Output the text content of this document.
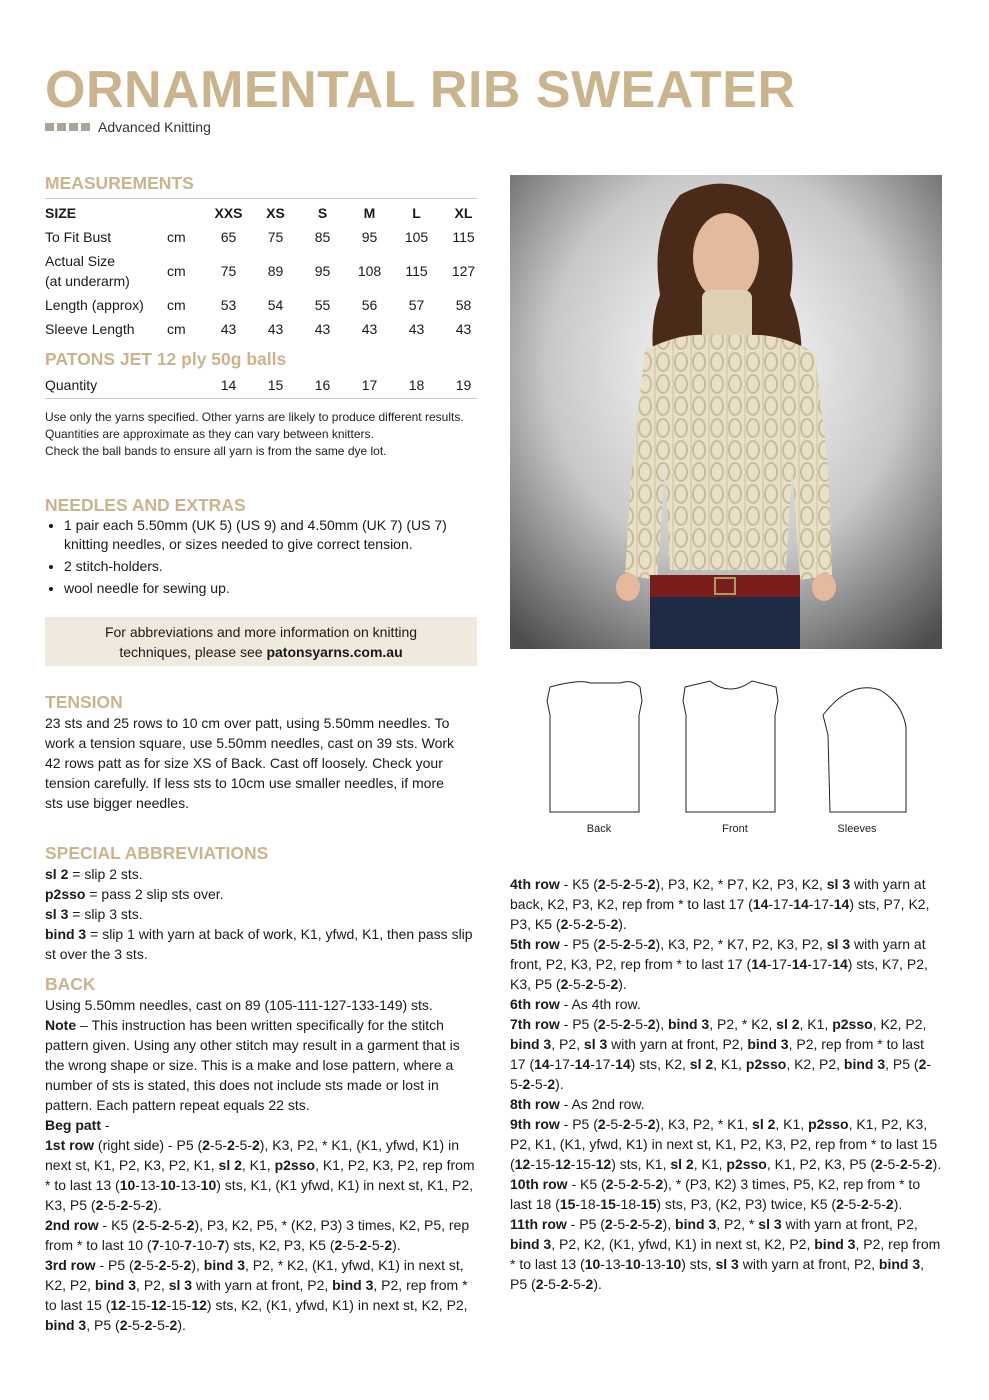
ORNAMENTAL RIB SWEATER
Advanced Knitting
MEASUREMENTS
SIZE		XXS	XS	S	M	L	XL
To Fit Bust	cm	65	75	85	95	105	115
Actual Size
(at underarm)	cm	75	89	95	108	115	127
Length (approx)	cm	53	54	55	56	57	58
Sleeve Length	cm	43	43	43	43	43	43
PATONS JET 12 ply 50g balls
Quantity		14	15	16	17	18	19
Use only the yarns specified. Other yarns are likely to produce different results.
Quantities are approximate as they can vary between knitters.
Check the ball bands to ensure all yarn is from the same dye lot.
NEEDLES AND EXTRAS
• 1 pair each 5.50mm (UK 5) (US 9) and 4.50mm (UK 7) (US 7) knitting needles, or sizes needed to give correct tension.
• 2 stitch-holders.
• wool needle for sewing up.
For abbreviations and more information on knitting
techniques, please see patonsyarns.com.au
TENSION
23 sts and 25 rows to 10 cm over patt, using 5.50mm needles. To work a tension square, use 5.50mm needles, cast on 39 sts. Work 42 rows patt as for size XS of Back. Cast off loosely. Check your tension carefully. If less sts to 10cm use smaller needles, if more sts use bigger needles.
SPECIAL ABBREVIATIONS
sl 2 = slip 2 sts.
p2sso = pass 2 slip sts over.
sl 3 = slip 3 sts.
bind 3 = slip 1 with yarn at back of work, K1, yfwd, K1, then pass slip st over the 3 sts.
BACK
Using 5.50mm needles, cast on 89 (105-111-127-133-149) sts.
Note – This instruction has been written specifically for the stitch pattern given. Using any other stitch may result in a garment that is the wrong shape or size. This is a make and lose pattern, where a number of sts is stated, this does not include sts made or lost in pattern. Each pattern repeat equals 22 sts.
Beg patt -
1st row (right side) - P5 (2-5-2-5-2), K3, P2, * K1, (K1, yfwd, K1) in next st, K1, P2, K3, P2, K1, sl 2, K1, p2sso, K1, P2, K3, P2, rep from * to last 13 (10-13-10-13-10) sts, K1, (K1 yfwd, K1) in next st, K1, P2, K3, P5 (2-5-2-5-2).
2nd row - K5 (2-5-2-5-2), P3, K2, P5, * (K2, P3) 3 times, K2, P5, rep from * to last 10 (7-10-7-10-7) sts, K2, P3, K5 (2-5-2-5-2).
3rd row - P5 (2-5-2-5-2), bind 3, P2, * K2, (K1, yfwd, K1) in next st, K2, P2, bind 3, P2, sl 3 with yarn at front, P2, bind 3, P2, rep from * to last 15 (12-15-12-15-12) sts, K2, (K1, yfwd, K1) in next st, K2, P2, bind 3, P5 (2-5-2-5-2).
4th row - K5 (2-5-2-5-2), P3, K2, * P7, K2, P3, K2, sl 3 with yarn at back, K2, P3, K2, rep from * to last 17 (14-17-14-17-14) sts, P7, K2, P3, K5 (2-5-2-5-2).
5th row - P5 (2-5-2-5-2), K3, P2, * K7, P2, K3, P2, sl 3 with yarn at front, P2, K3, P2, rep from * to last 17 (14-17-14-17-14) sts, K7, P2, K3, P5 (2-5-2-5-2).
6th row - As 4th row.
7th row - P5 (2-5-2-5-2), bind 3, P2, * K2, sl 2, K1, p2sso, K2, P2, bind 3, P2, sl 3 with yarn at front, P2, bind 3, P2, rep from * to last 17 (14-17-14-17-14) sts, K2, sl 2, K1, p2sso, K2, P2, bind 3, P5 (2-5-2-5-2).
8th row - As 2nd row.
9th row - P5 (2-5-2-5-2), K3, P2, * K1, sl 2, K1, p2sso, K1, P2, K3, P2, K1, (K1, yfwd, K1) in next st, K1, P2, K3, P2, rep from * to last 15 (12-15-12-15-12) sts, K1, sl 2, K1, p2sso, K1, P2, K3, P5 (2-5-2-5-2).
10th row - K5 (2-5-2-5-2), * (P3, K2) 3 times, P5, K2, rep from * to last 18 (15-18-15-18-15) sts, P3, (K2, P3) twice, K5 (2-5-2-5-2).
11th row - P5 (2-5-2-5-2), bind 3, P2, * sl 3 with yarn at front, P2, bind 3, P2, K2, (K1, yfwd, K1) in next st, K2, P2, bind 3, P2, rep from * to last 13 (10-13-10-13-10) sts, sl 3 with yarn at front, P2, bind 3, P5 (2-5-2-5-2).
Back	Front	Sleeves
